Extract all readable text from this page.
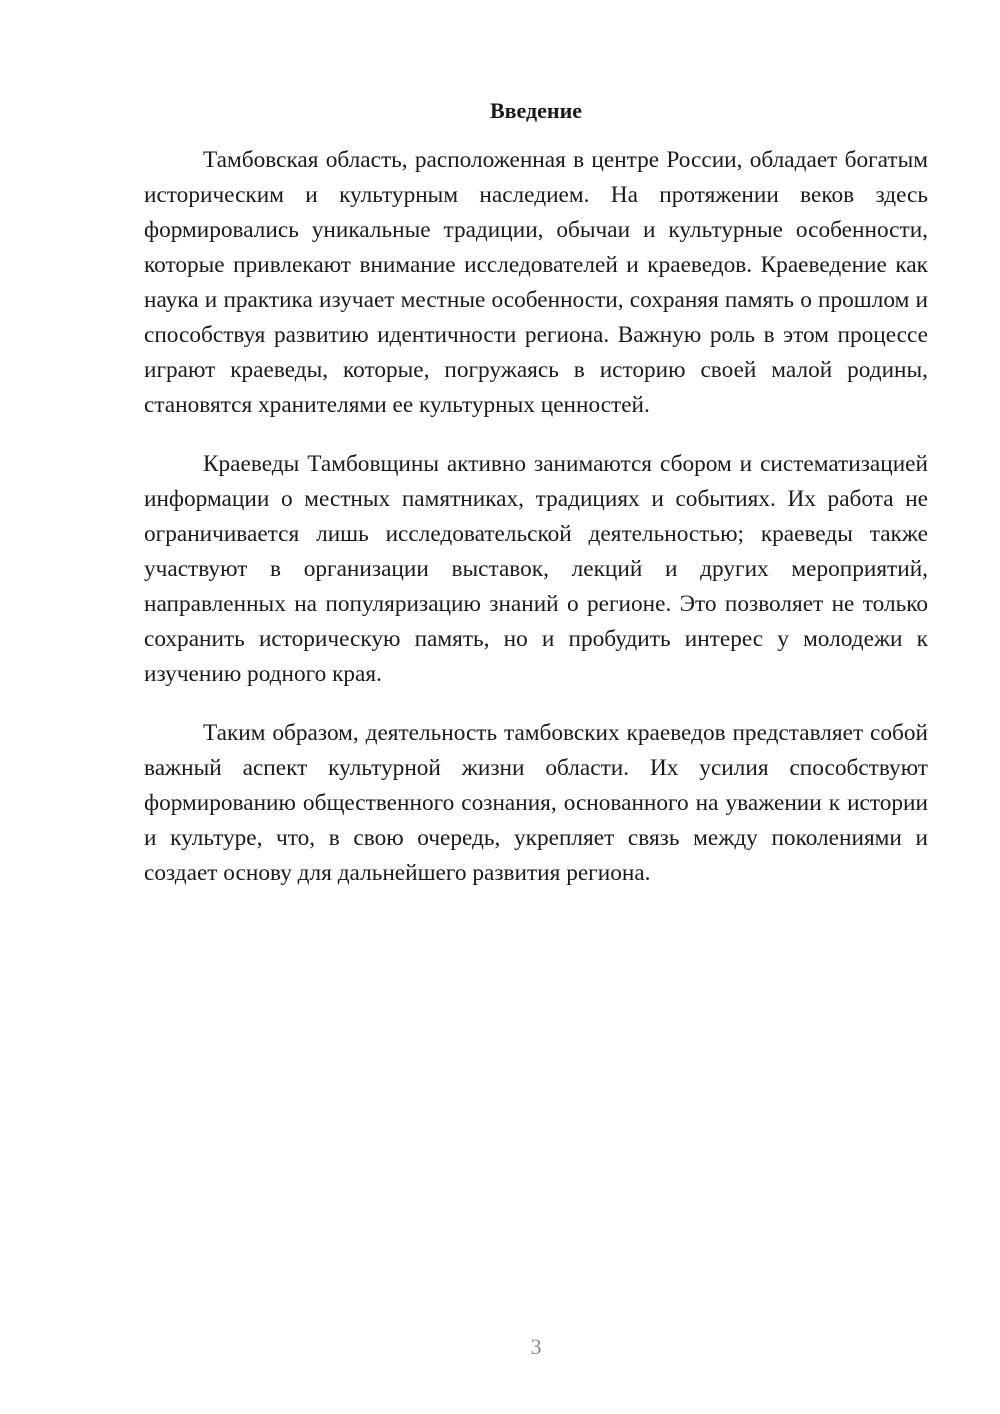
Введение

Тамбовская область, расположенная в центре России, обладает богатым историческим и культурным наследием. На протяжении веков здесь формировались уникальные традиции, обычаи и культурные особенности, которые привлекают внимание исследователей и краеведов. Краеведение как наука и практика изучает местные особенности, сохраняя память о прошлом и способствуя развитию идентичности региона. Важную роль в этом процессе играют краеведы, которые, погружаясь в историю своей малой родины, становятся хранителями ее культурных ценностей.

Краеведы Тамбовщины активно занимаются сбором и систематизацией информации о местных памятниках, традициях и событиях. Их работа не ограничивается лишь исследовательской деятельностью; краеведы также участвуют в организации выставок, лекций и других мероприятий, направленных на популяризацию знаний о регионе. Это позволяет не только сохранить историческую память, но и пробудить интерес у молодежи к изучению родного края.

Таким образом, деятельность тамбовских краеведов представляет собой важный аспект культурной жизни области. Их усилия способствуют формированию общественного сознания, основанного на уважении к истории и культуре, что, в свою очередь, укрепляет связь между поколениями и создает основу для дальнейшего развития региона.

3
